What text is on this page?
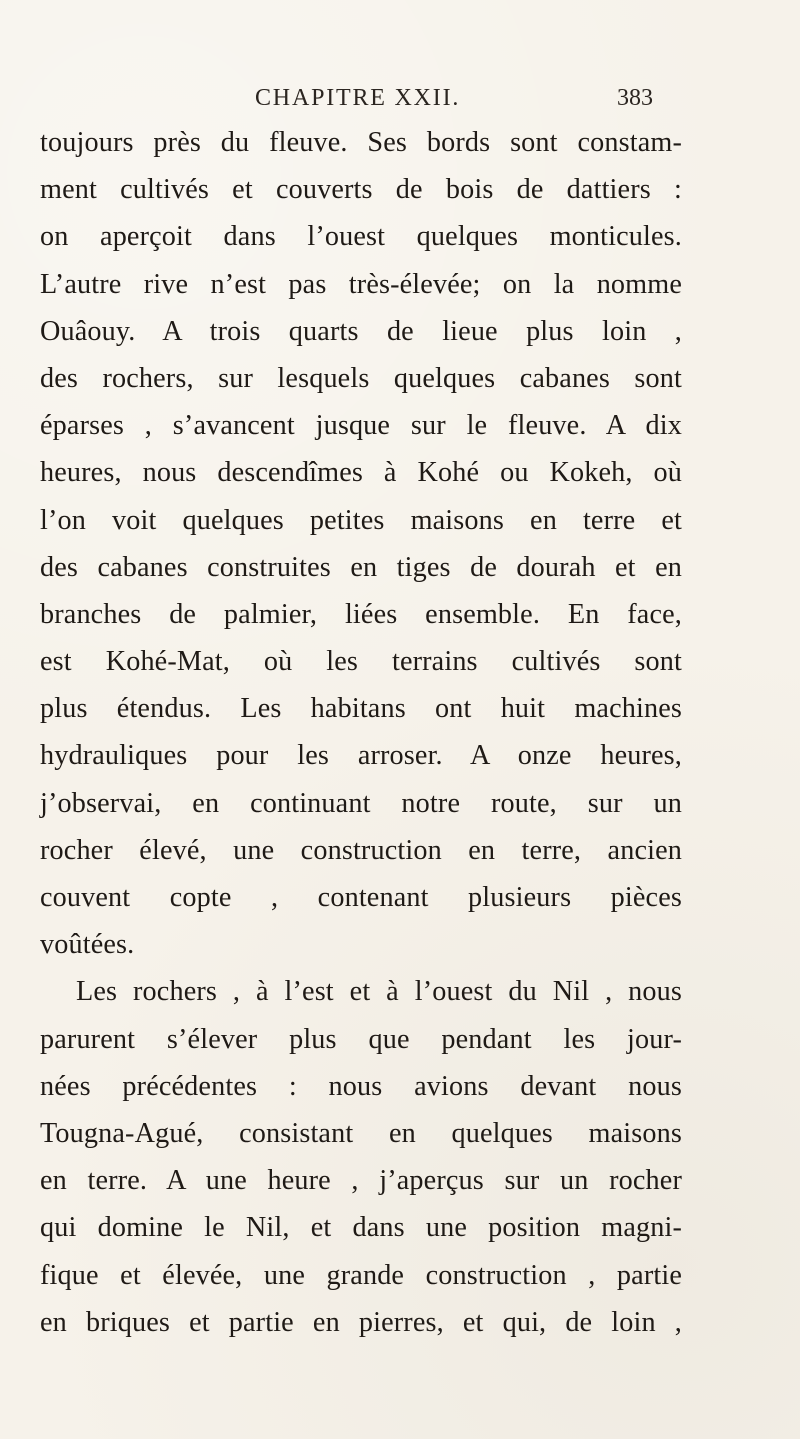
CHAPITRE XXII.	383
toujours près du fleuve. Ses bords sont constam-
ment cultivés et couverts de bois de dattiers :
on aperçoit dans l’ouest quelques monticules.
L’autre rive n’est pas très-élevée; on la nomme
Ouâouy. A trois quarts de lieue plus loin ,
des rochers, sur lesquels quelques cabanes sont
éparses , s’avancent jusque sur le fleuve. A dix
heures, nous descendîmes à Kohé ou Kokeh, où
l’on voit quelques petites maisons en terre et
des cabanes construites en tiges de dourah et en
branches de palmier, liées ensemble. En face,
est Kohé-Mat, où les terrains cultivés sont
plus étendus. Les habitans ont huit machines
hydrauliques pour les arroser. A onze heures,
j’observai, en continuant notre route, sur un
rocher élevé, une construction en terre, ancien
couvent copte , contenant plusieurs pièces
voûtées.
Les rochers , à l’est et à l’ouest du Nil , nous
parurent s’élever plus que pendant les jour-
nées précédentes : nous avions devant nous
Tougna-Agué, consistant en quelques maisons
en terre. A une heure , j’aperçus sur un rocher
qui domine le Nil, et dans une position magni-
fique et élevée, une grande construction , partie
en briques et partie en pierres, et qui, de loin ,
